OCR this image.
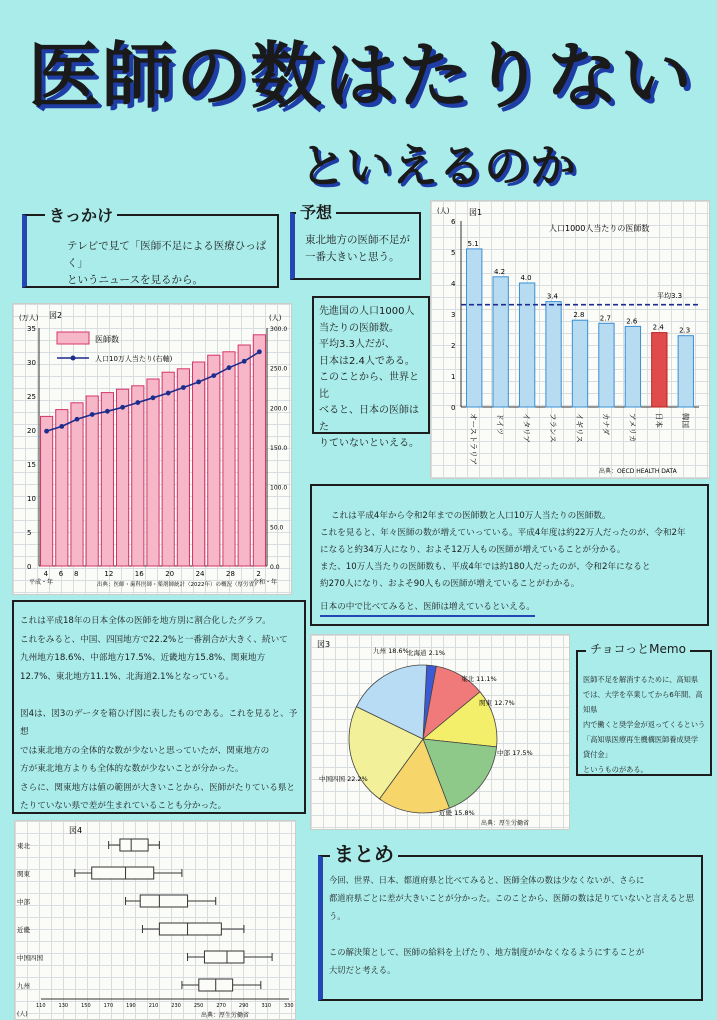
医師の数はたりない
といえるのか
テレビで見て「医師不足による医療ひっぱく」
というニュースを見るから。
きっかけ
東北地方の医師不足が
一番大きいと思う。
予想	図1
(人)
人口1000人当たりの医師数
平均3.3
出典：OECD HEALTH DATA
0
1
2
3
4
5
6
5.1
オーストラリア
4.2
ドイツ
4.0
イタリア
3.4
フランス
2.8
イギリス
2.7
カナダ
2.6
アメリカ
2.4
日本
2.3
韓国
先進国の人口1000人
当たりの医師数。
平均3.3人だが、
日本は2.4人である。
このことから、世界と比
べると、日本の医師はた
りていないといえる。
図2
(万人)	(人)
医師数
人口10万人当たり(右軸)
平成・年	令和・年
出典：医師・歯科医師・薬剤師統計（2022年）の概況（厚労省）
0
5
10
15
20
25
30
35
0.0
50.0
100.0
150.0
200.0
250.0
300.0
4 6 8	12	16	20	24	28	2

これは平成4年から令和2年までの医師数と人口10万人当たりの医師数。
これを見ると、年々医師の数が増えていっている。平成4年度は約22万人だったのが、令和2年
になると約34万人になり、およそ12万人もの医師が増えていることが分かる。

約270人になり、およそ90人もの医師が増えていることがわかる。

また、10万人当たりの医師数も、平成4年では約180人だったのが、令和2年になると
日本の中で比べてみると、医師は増えているといえる。
これは平成18年の日本全体の医師を地方別に割合化したグラフ。
これをみると、中国、四国地方で22.2%と一番割合が大きく、続いて
九州地方18.6%、中部地方17.5%、近畿地方15.8%、関東地方
12.7%、東北地方11.1%、北海道2.1%となっている。

図4は、図3のデータを箱ひげ図に表したものである。これを見ると、予想
では東北地方の全体的な数が少ないと思っていたが、関東地方の
方が東北地方よりも全体的な数が少ないことが分かった。
さらに、関東地方は値の範囲が大きいことから、医師がたりている県と
たりていない県で差が生まれていることも分かった。
図3
出典：厚生労働省
北海道 2.1%
東北 11.1%
関東 12.7%
中部 17.5%
近畿 15.8%
中国四国 22.2%
九州 18.6%
医師不足を解消するために、高知県
では、大学を卒業してから6年間、高知県
内で働くと奨学金が返ってくるという
「高知県医療再生機構医師養成奨学
貸付金」
というものがある。
チョコっとMemo
図4
(人)	出典：厚生労働省
東北
関東
中部
近畿
中国四国
九州
110	130	150	170	190	210	230	250	270	290	310	330
今回、世界、日本、都道府県と比べてみると、医師全体の数は少なくないが、さらに
都道府県ごとに差が大きいことが分かった。このことから、医師の数は足りていないと言えると思う。

この解決策として、医師の給料を上げたり、地方制度がかなくなるようにすることが
大切だと考える。
まとめ
